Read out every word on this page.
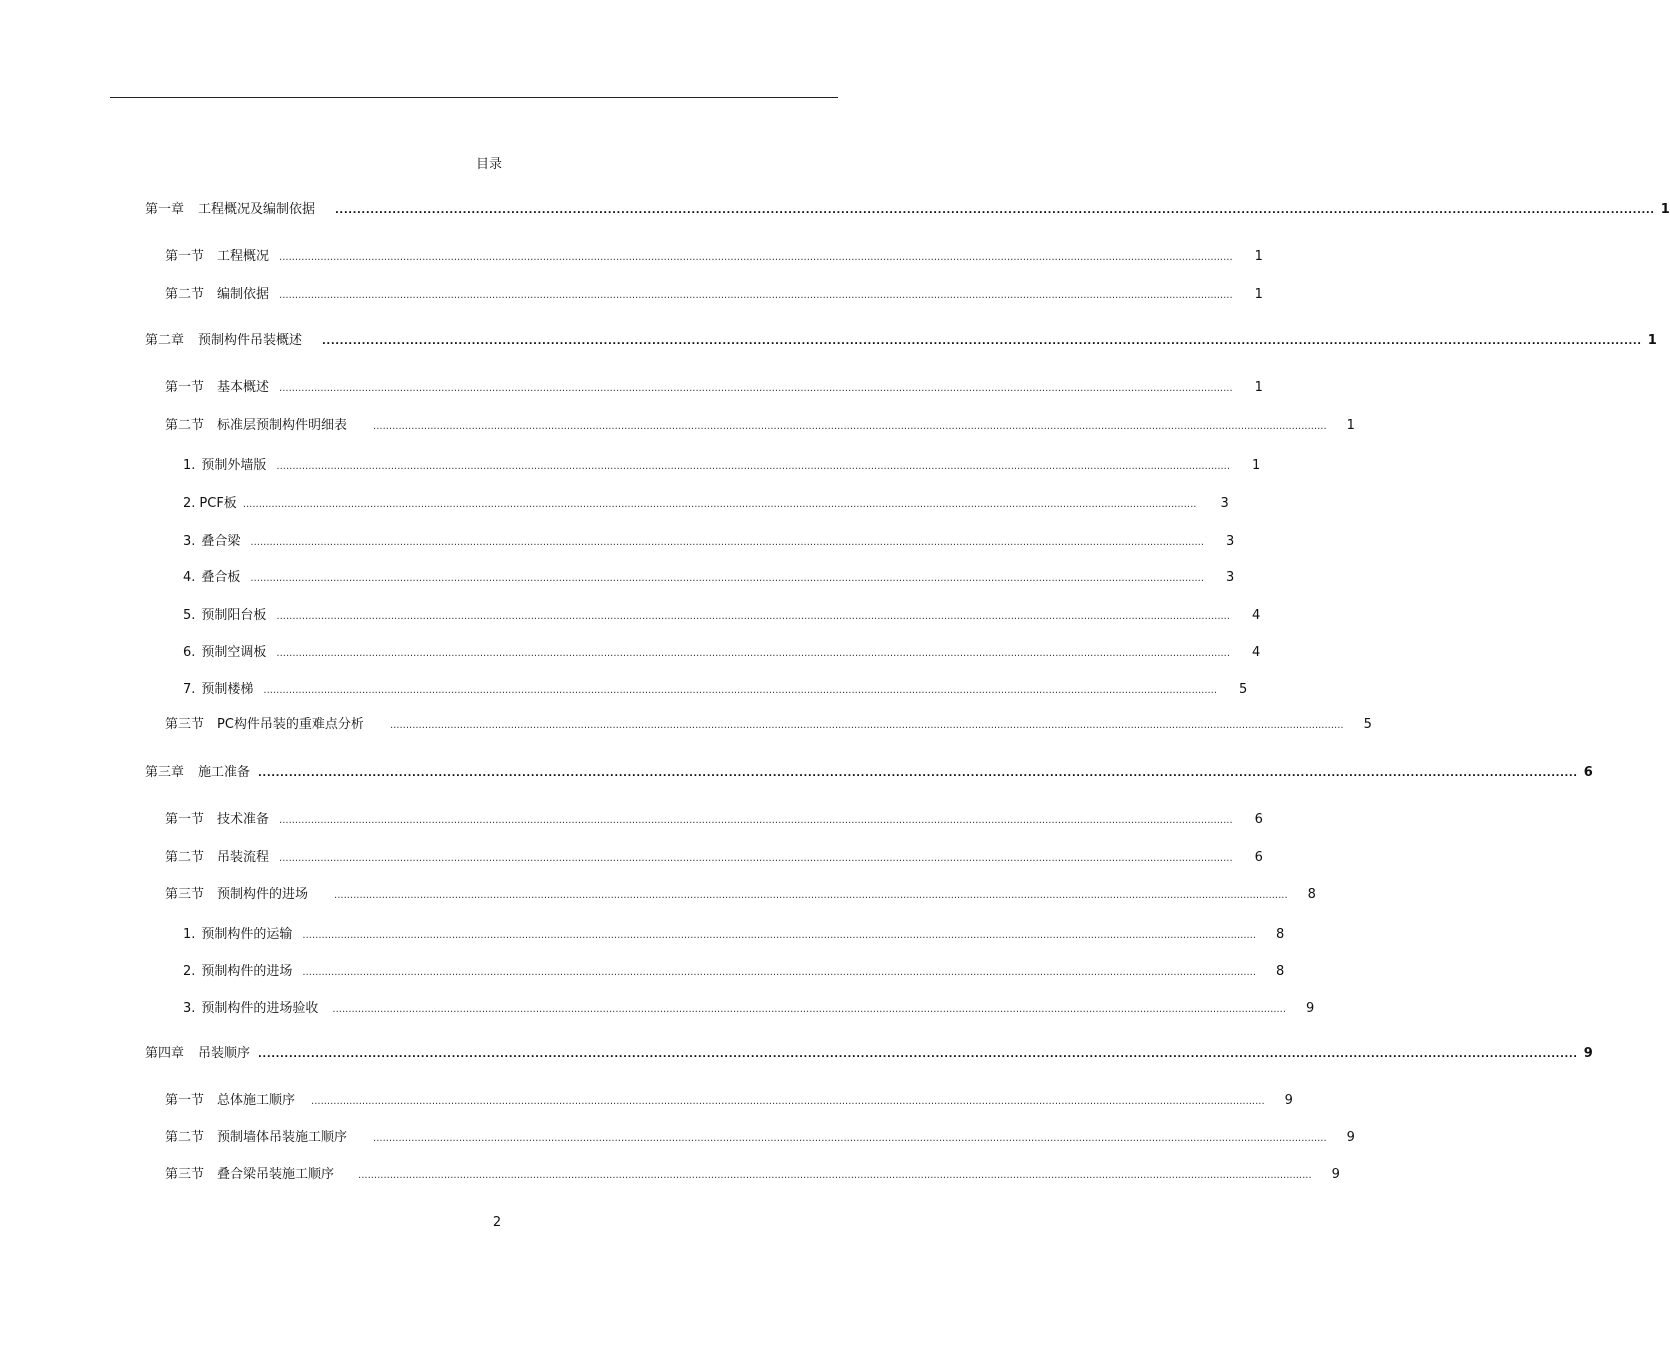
目录
第一章 工程概况及编制依据 ............................................................................................................................................................................................................................................................................................................ 1
第一节 工程概况 ............................................................................................................................................................................................................................................................................................................ 1
第二节 编制依据 ............................................................................................................................................................................................................................................................................................................ 1
第二章 预制构件吊装概述 ............................................................................................................................................................................................................................................................................................................ 1
第一节 基本概述 ............................................................................................................................................................................................................................................................................................................ 1
第二节 标准层预制构件明细表	............................................................................................................................................................................................................................................................................................................ 1
1. 预制外墙版 ............................................................................................................................................................................................................................................................................................................ 1
2. PCF板 ............................................................................................................................................................................................................................................................................................................ 3
3. 叠合梁 ............................................................................................................................................................................................................................................................................................................ 3
4. 叠合板 ............................................................................................................................................................................................................................................................................................................ 3
5. 预制阳台板 ............................................................................................................................................................................................................................................................................................................ 4
6. 预制空调板 ............................................................................................................................................................................................................................................................................................................ 4
7. 预制楼梯 ............................................................................................................................................................................................................................................................................................................ 5
第三节 PC构件吊装的重难点分析	............................................................................................................................................................................................................................................................................................................ 5
第三章 施工准备 ............................................................................................................................................................................................................................................................................................................ 6
第一节 技术准备 ............................................................................................................................................................................................................................................................................................................ 6
第二节 吊装流程 ............................................................................................................................................................................................................................................................................................................ 6
第三节 预制构件的进场	............................................................................................................................................................................................................................................................................................................ 8
1. 预制构件的运输 ............................................................................................................................................................................................................................................................................................................ 8
2. 预制构件的进场 ............................................................................................................................................................................................................................................................................................................ 8
3. 预制构件的进场验收 ............................................................................................................................................................................................................................................................................................................ 9
第四章 吊装顺序 ............................................................................................................................................................................................................................................................................................................ 9
第一节 总体施工顺序 ............................................................................................................................................................................................................................................................................................................ 9
第二节 预制墙体吊装施工顺序	............................................................................................................................................................................................................................................................................................................ 9
第三节 叠合梁吊装施工顺序 ............................................................................................................................................................................................................................................................................................................ 9
2
